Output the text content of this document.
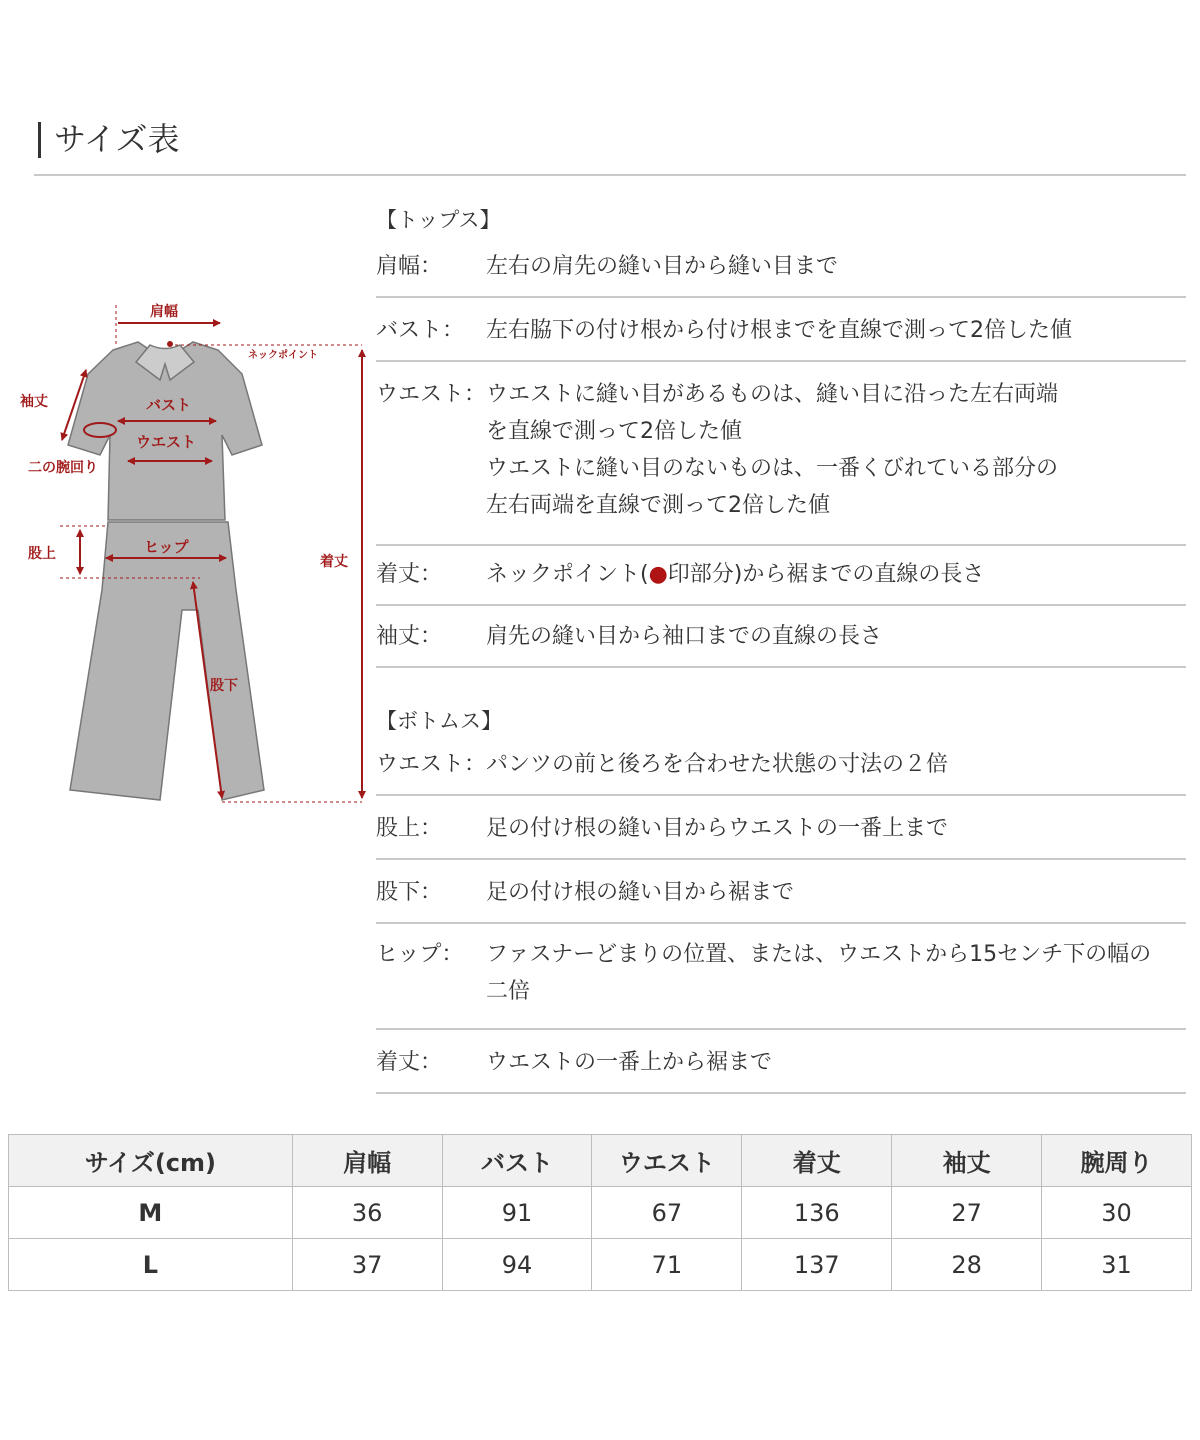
サイズ表
肩幅
ネックポイント
袖丈	バスト
ウエスト
二の腕回り
股上	ヒップ
股下
着丈
【トップス】
肩幅： 左右の肩先の縫い目から縫い目まで
バスト： 左右脇下の付け根から付け根までを直線で測って2倍した値
ウエスト： ウエストに縫い目があるものは、縫い目に沿った左右両端
を直線で測って2倍した値
ウエストに縫い目のないものは、一番くびれている部分の
左右両端を直線で測って2倍した値
着丈： ネックポイント(●印部分)から裾までの直線の長さ
袖丈： 肩先の縫い目から袖口までの直線の長さ
【ボトムス】
ウエスト： パンツの前と後ろを合わせた状態の寸法の２倍
股上： 足の付け根の縫い目からウエストの一番上まで
股下： 足の付け根の縫い目から裾まで
ヒップ： ファスナーどまりの位置、または、ウエストから15センチ下の幅の
二倍
着丈： ウエストの一番上から裾まで
サイズ(cm)	肩幅	バスト	ウエスト	着丈	袖丈	腕周り
M	36	91	67	136	27	30
L	37	94	71	137	28	31
